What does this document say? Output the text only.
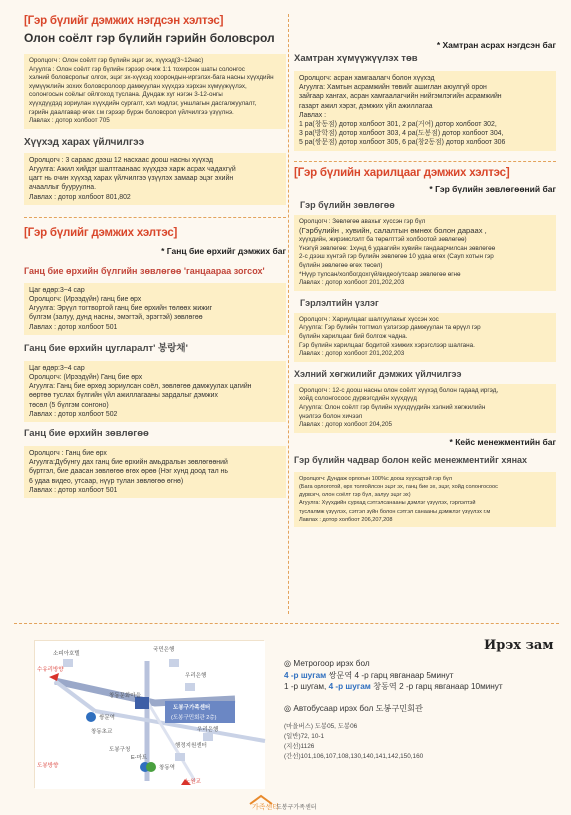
[Гэр бүлийг дэмжих нэгдсэн хэлтэс]
Олон соёлт гэр бүлийн гэрийн боловсрол
Оролцогч : Олон соёлт гэр бүлийн эцэг эх, хүүхэд(3~12нас)
Агуулга : Олон соёлт гэр бүлийн гэрээр очиж 1:1 тохирсон шаты солонгос
хэлний боловсролыг олгох, эцэг эх-хүүхэд хоорондын-иргэлэх-бага насны хүүхдийн
хүмүүжлийн зохих боловсролоор дамжуулан хүүхдээ хэрхэн хүмүүжүүлэх,
солонгосын соёлыг ойлгоход туслана. Дундаж хуг нэгэн 3-12-онгы
хүүхдүүдэд зориулан хүүхдийн сургалт, хэл мэдлэг, уншлагын дасгалжуулалт,
гэрийн даалгавар өгөх г.м гэрээр бүрэн боловсрол үйлчилгээ үзүүлнэ.
Лавлах : дотор холбоот 705
Хүүхэд харах үйлчилгээ
Оролцогч : 3 сараас дээш 12 насхаас доош насны хүүхэд
Агуулга: Ажил хийдэг шалтгаанаас хүүхдээ харж асрах чадахгүй
цагт нь очин хүүхэд харах үйлчилгээ үзүүлэх замаар эцэг эхийн
ачааллыг бууруулна.
Лавлах : дотор холбоот 801,802
[Гэр бүлийг дэмжих хэлтэс]
* Ганц бие өрхийг дэмжих баг
Ганц бие өрхийн бүлгийн зөвлөгөө 'ганцаараа зогсох'
Цаг өдөр:3~4 сар
Оролцогч: (Ирээдүйн) ганц бие өрх
Агуулга: Эрүүл тогтвортой ганц бие өрхийн төлөөх жижиг
бүлгэм (залуу, дунд насны, эмэгтэй, эрэгтэй) зөвлөгөө
Лавлах : дотор холбоот 501
Ганц бие өрхийн цугларалт' 봉랑채'
Цаг өдөр:3~4 сар
Оролцогч: (Ирээдүйн) Ганц бие өрх
Агуулга: Ганц бие өрхөд зориулсан соёл, зөвлөгөө дамжуулах цагийн
өөртөө туслах бүлгийн үйл ажиллагааны зардалыг дэмжих
төсөл (5 бүлгэм сонгоно)
Лавлах : дотор холбоот 502
Ганц бие өрхийн зөвлөгөө
Оролцогч : Ганц бие өрх
Агуулга:Дүбүнгу дах ганц бие өрхийн амьдралын зөвлөгөөний
бүртгэл, бие даасан зөвлөгөө өгөх өрөө (Нэг хүнд доод тал нь
6 удаа видео, утсаар, нүүр тулан зөвлөгөө өгнө)
Лавлах : дотор холбоот 501
* Хамтран асрах нэгдсэн баг
Хамтран хүмүүжүүлэх төв
Оролцогч: асран хамгаалагч болон хүүхэд
Агуулга: Хамтын асрамжийн төвийг ашиглан аюулгүй орон
зайгаар хангах, асран хамгаалагчийн нийгэмлэгийн асрамжийн
газарт ажил хэрэг, дэмжих үйл ажиллагаа
Лавлах :
1 ра(창동점) дотор холбоот 301, 2 ра(거여) дотор холбоот 302,
3 ра(방학점) дотор холбоот 303, 4 ра(도봉점) дотор холбоот 304,
5 ра(쌍문점) дотор холбоот 305, 6 ра(창2동점) дотор холбоот 306
[Гэр бүлийн харилцааг дэмжих хэлтэс]
* Гэр бүлийн зөвлөгөөний баг
Гэр бүлийн зөвлөгөө
Оролцогч : Зөвлөгөө авахыг хүссэн гэр бүл
(Гэрбүлийн , хувийн, салалтын өмнөх болон дараах ,
хүүхдийн, жирэмслэлт ба төрөлттэй холбоотой зөвлөгөө)
Үнэгүй зөвлөгөө: 1хүнд 6 удаагийн хувийн гандаарчилсан зөвлөгөө
2-с дээш хүнтэй гэр бүлийн зөвлөгөө 10 удаа өгөх (Сауп хотын гэр
бүлийн зөвлөгөө өгөх төсөл)
*Нүүр тулсан/холбогдохгүй/видео/утсаар зөвлөгөө өгнө
Лавлах : дотор холбоот 201,202,203
Гэрлэлтийн үзлэг
Оролцогч : Хариулцааг шалгуулахыг хүссэн хос
Агуулга: Гэр бүлийн тогтмол үзлэгээр дамжуулан та өрүүл гэр
бүлийн харилцааг бий болгож чадна.
Гэр бүлийн харилцааг бодитой хэмжих хэрэгслээр шалгана.
Лавлах : дотор холбоот 201,202,203
Хэлний хөгжилийг дэмжих үйлчилгээ
Оролцогч : 12-с доош насны олон соёлт хүүхэд болон гадаад иргэд,
хойд солонгосоос дүрвэгсдийн хүүхдүүд
Агуулга: Олон соёлт гэр бүлийн хүүхдүүдийн хэлний хөгжилийн
үнэлгээ болон хичээл
Лавлах : дотор холбоот 204,205
* Кейс менежментийн баг
Гэр бүлийн чадвар болон кейс менежментийг хянах
Оролцогч: Дундаж орлогын 100%с доош хүүхэдтэй гэр бүл
(Бага орлоготой, өрх толгойлсон эцэг эх, ганц бие эх, эцэг, хойд солонгосоос
дүрвэгч, олон соёлт гэр бүл, залуу эцэг эх)
Агуулга: Хүүхдийн сурхад сэтгэлсанааны дэмлэг үзүүлэх, гэрлэлтэй
туслалмж үзүүлэх, сэтгэл зүйн болон сэтгэл санааны дэмжлэг үзүүлэх г.м
Лавлах : дотор холбоот 206,207,208
소피아호텔
국민은행
수유리방향
우리은행
쌍문역
창동초교
도봉구가족센터
(도봉구민회관 2층)
창동역
창동문화마을
우리은행
도봉구청
행정지원센터
E-마트
노원교
도봉방향
Ирэх зам
◎ Метрогоор ирэх бол
4 -р шугам 쌍문역 4 -р гарц явганаар 5минут
1 -р шугам, 4 -р шугам 창동역 2 -р гарц явганаар 10минут
◎ Автобусаар ирэх бол 도봉구민회관
(마을버스) 도봉05, 도봉06
(일반)72, 10-1
(지선)1126
(간선)101,106,107,108,130,140,141,142,150,160
가족센터
도봉구가족센터
